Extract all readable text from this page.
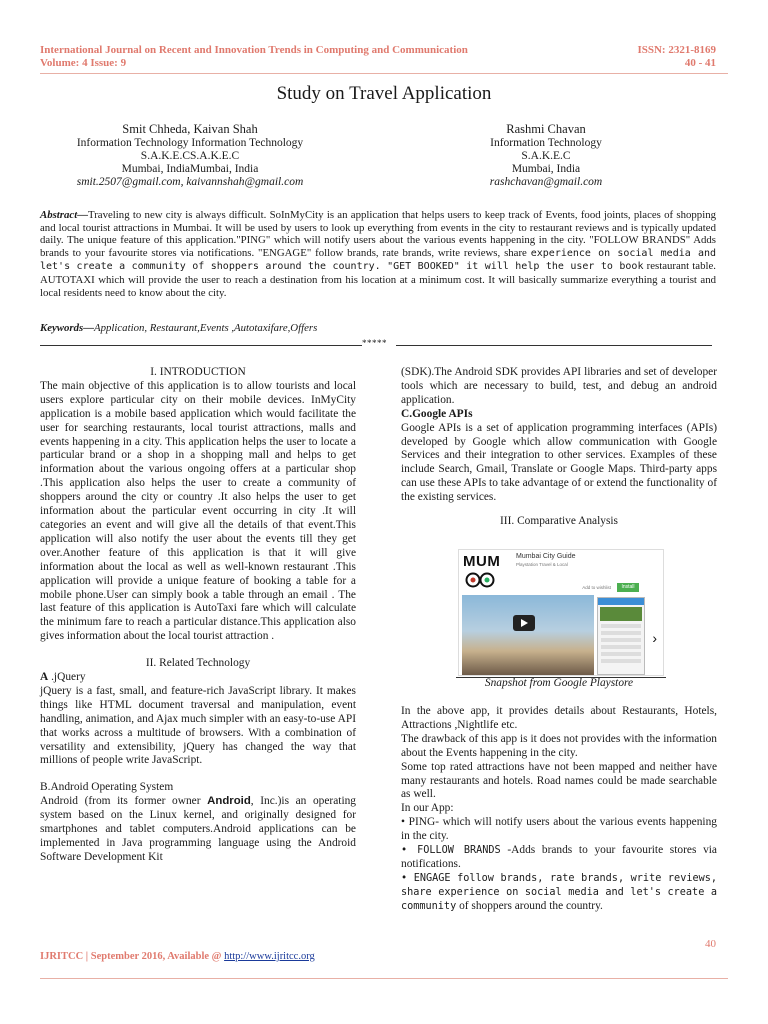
International Journal on Recent and Innovation Trends in Computing and Communication
Volume: 4 Issue: 9
ISSN: 2321-8169
40 - 41
Study on Travel Application
Smit Chheda, Kaivan Shah
Information Technology Information Technology
S.A.K.E.CS.A.K.E.C
Mumbai, IndiaMumbai, India
smit.2507@gmail.com, kaivannshah@gmail.com
Rashmi Chavan
Information Technology
S.A.K.E.C
Mumbai, India
rashchavan@gmail.com
Abstract—Traveling to new city is always difficult. SoInMyCity is an application that helps users to keep track of Events, food joints, places of shopping and local tourist attractions in Mumbai. It will be used by users to look up everything from events in the city to restaurant reviews and is typically updated daily. The unique feature of this application."PING" which will notify users about the various events happening in the city. "FOLLOW BRANDS" Adds brands to your favourite stores via notifications. "ENGAGE" follow brands, rate brands, write reviews, share experience on social media and let's create a community of shoppers around the country. "GET BOOKED" it will help the user to book restaurant table. AUTOTAXI which will provide the user to reach a destination from his location at a minimum cost. It will basically summarize everything a tourist and local residents need to know about the city.
Keywords—Application, Restaurant,Events ,Autotaxifare,Offers
*****
I. INTRODUCTION

The main objective of this application is to allow tourists and local users explore particular city on their mobile devices. InMyCity application is a mobile based application which would facilitate the user for searching restaurants, local tourist attractions, malls and events happening in a city. This application helps the user to locate a particular brand or a shop in a shopping mall and helps to get information about the various ongoing offers at a particular shop .This application also helps the user to create a community of shoppers around the city or country .It also helps the user to get information about the particular event occurring in city .It will categories an event and will give all the details of that event.This application will also notify the user about the events till they get over.Another feature of this application is that it will give information about the local as well as well-known restaurant .This application will provide a unique feature of booking a table for a mobile phone.User can simply book a table through an email . The last feature of this application is AutoTaxi fare which will calculate the minimum fare to reach a particular distance.This application also gives information about the local tourist attraction .

II. Related Technology

A .jQuery

jQuery is a fast, small, and feature-rich JavaScript library. It makes things like HTML document traversal and manipulation, event handling, animation, and Ajax much simpler with an easy-to-use API that works across a multitude of browsers. With a combination of versatility and extensibility, jQuery has changed the way that millions of people write JavaScript.

B.Android Operating System

Android (from its former owner Android, Inc.)is an operating system based on the Linux kernel, and originally designed for smartphones and tablet computers.Android applications can be implemented in Java programming language using the Android Software Development Kit

(SDK).The Android SDK provides API libraries and set of developer tools which are necessary to build, test, and debug an android application.

C.Google APIs

Google APIs is a set of application programming interfaces (APIs) developed by Google which allow communication with Google Services and their integration to other services. Examples of these include Search, Gmail, Translate or Google Maps. Third-party apps can use these APIs to take advantage of or extend the functionality of the existing services.

III. Comparative Analysis
MUM Mumbai City Guide
Playstation Travel & Local
Add to wishlist	Install
›
Snapshot from Google Playstore

In the above app, it provides details about Restaurants, Hotels, Attractions ,Nightlife etc.

The drawback of this app is it does not provides with the information about the Events happening in the city.

Some top rated attractions have not been mapped and neither have many restaurants and hotels. Road names could be made searchable as well.

In our App:

• PING- which will notify users about the various events happening in the city.

• FOLLOW BRANDS -Adds brands to your favourite stores via notifications.

• ENGAGE follow brands, rate brands, write reviews, share experience on social media and let's create a community of shoppers around the country.

40
IJRITCC | September 2016, Available @ http://www.ijritcc.org
